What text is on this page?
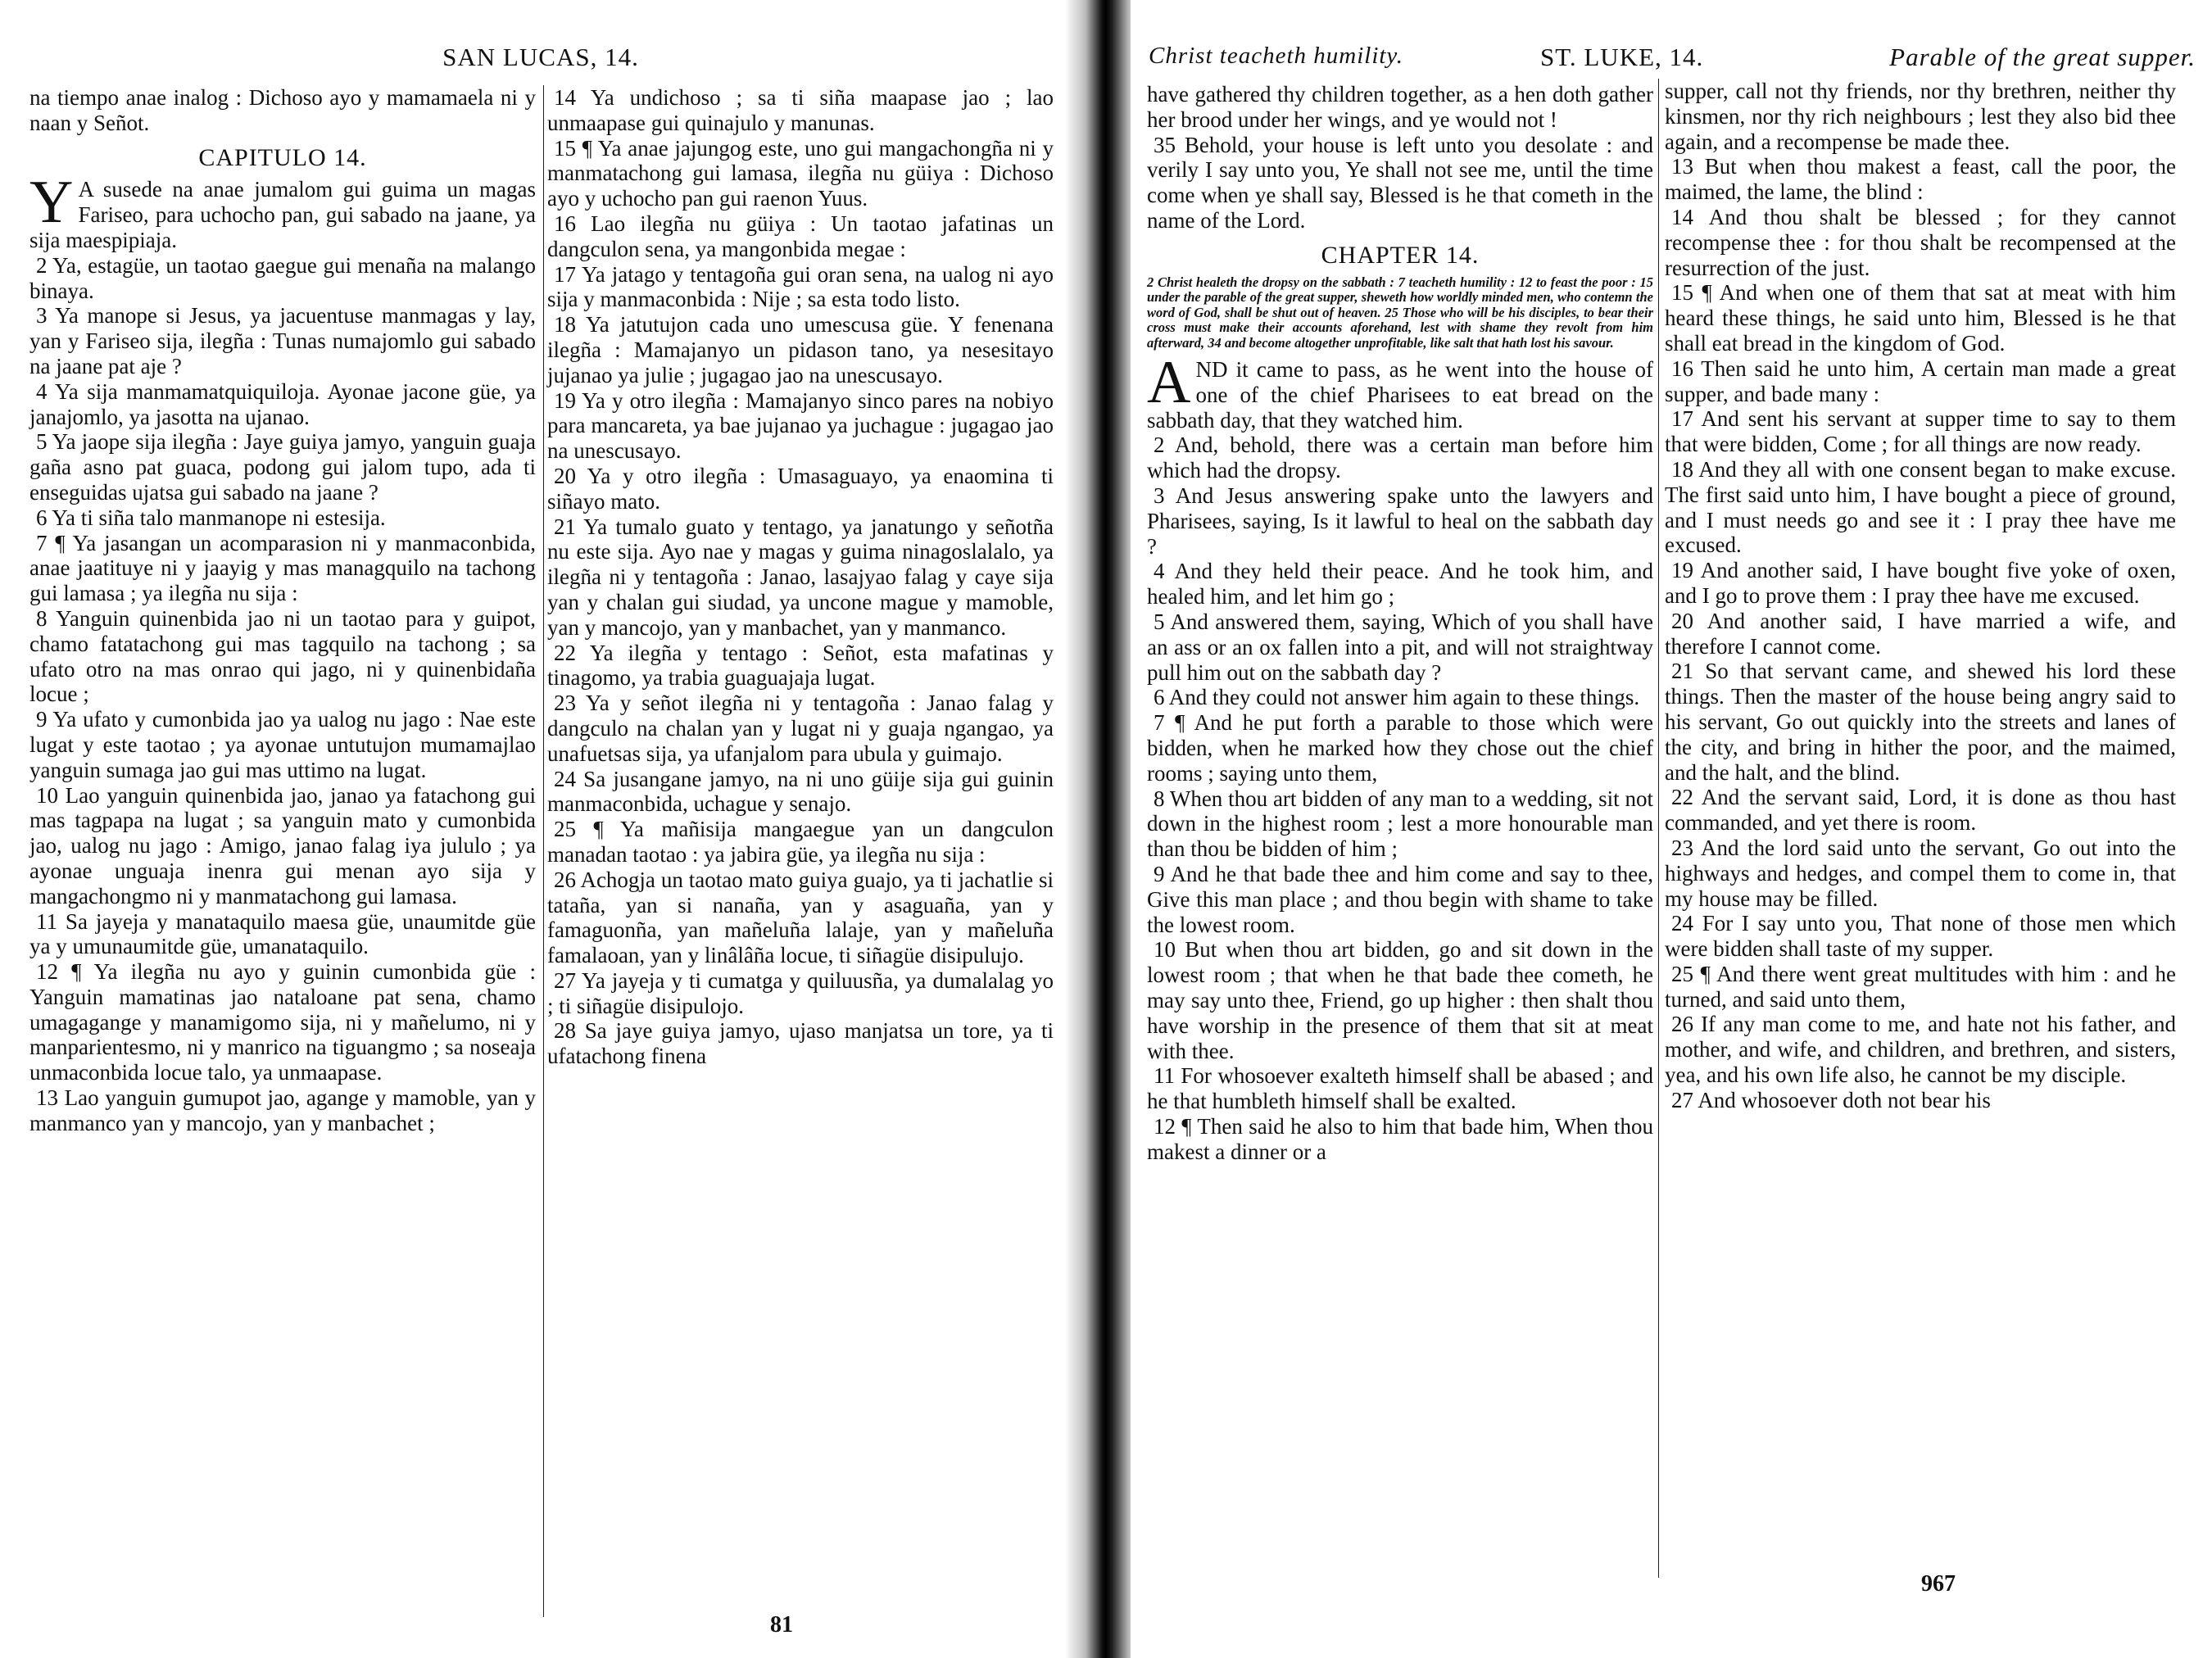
SAN LUCAS, 14.

na tiempo anae inalog : Dichoso ayo y mamamaela ni y naan y Señot.

CAPITULO 14.

Y A susede na anae jumalom gui guima un magas Fariseo, para uchocho pan, gui sabado na jaane, ya sija maespipiaja.

2 Ya, estagüe, un taotao gaegue gui menaña na malango binaya.

3 Ya manope si Jesus, ya jacuentuse manmagas y lay, yan y Fariseo sija, ilegña : Tunas numajomlo gui sabado na jaane pat aje ?

4 Ya sija manmamatquiquiloja. Ayonae jacone güe, ya janajomlo, ya jasotta na ujanao.

5 Ya jaope sija ilegña : Jaye guiya jamyo, yanguin guaja gaña asno pat guaca, podong gui jalom tupo, ada ti enseguidas ujatsa gui sabado na jaane ?

6 Ya ti siña talo manmanope ni estesija.

7 ¶ Ya jasangan un acomparasion ni y manmaconbida, anae jaatituye ni y jaayig y mas managquilo na tachong gui lamasa ; ya ilegña nu sija :

8 Yanguin quinenbida jao ni un taotao para y guipot, chamo fatatachong gui mas tagquilo na tachong ; sa ufato otro na mas onrao qui jago, ni y quinenbidaña locue ;

9 Ya ufato y cumonbida jao ya ualog nu jago : Nae este lugat y este taotao ; ya ayonae untutujon mumamajlao yanguin sumaga jao gui mas uttimo na lugat.

10 Lao yanguin quinenbida jao, janao ya fatachong gui mas tagpapa na lugat ; sa yanguin mato y cumonbida jao, ualog nu jago : Amigo, janao falag iya jululo ; ya ayonae unguaja inenra gui menan ayo sija y mangachongmo ni y manmatachong gui lamasa.

11 Sa jayeja y manataquilo maesa güe, unaumitde güe ya y umunaumitde güe, umanataquilo.

12 ¶ Ya ilegña nu ayo y guinin cumonbida güe : Yanguin mamatinas jao nataloane pat sena, chamo umagagange y manamigomo sija, ni y mañelumo, ni y manparientesmo, ni y manrico na tiguangmo ; sa noseaja unmaconbida locue talo, ya unmaapase.

13 Lao yanguin gumupot jao, agange y mamoble, yan y manmanco yan y mancojo, yan y manbachet ;

14 Ya undichoso ; sa ti siña maapase jao ; lao unmaapase gui quinajulo y manunas.

15 ¶ Ya anae jajungog este, uno gui mangachongña ni y manmatachong gui lamasa, ilegña nu güiya : Dichoso ayo y uchocho pan gui raenon Yuus.

16 Lao ilegña nu güiya : Un taotao jafatinas un dangculon sena, ya mangonbida megae :

17 Ya jatago y tentagoña gui oran sena, na ualog ni ayo sija y manmaconbida : Nije ; sa esta todo listo.

18 Ya jatutujon cada uno umescusa güe. Y fenenana ilegña : Mamajanyo un pidason tano, ya nesesitayo jujanao ya julie ; jugagao jao na unescusayo.

19 Ya y otro ilegña : Mamajanyo sinco pares na nobiyo para mancareta, ya bae jujanao ya juchague : jugagao jao na unescusayo.

20 Ya y otro ilegña : Umasaguayo, ya enaomina ti siñayo mato.

21 Ya tumalo guato y tentago, ya janatungo y señotña nu este sija. Ayo nae y magas y guima ninagoslalalo, ya ilegña ni y tentagoña : Janao, lasajyao falag y caye sija yan y chalan gui siudad, ya uncone mague y mamoble, yan y mancojo, yan y manbachet, yan y manmanco.

22 Ya ilegña y tentago : Señot, esta mafatinas y tinagomo, ya trabia guaguajaja lugat.

23 Ya y señot ilegña ni y tentagoña : Janao falag y dangculo na chalan yan y lugat ni y guaja ngangao, ya unafuetsas sija, ya ufanjalom para ubula y guimajo.

24 Sa jusangane jamyo, na ni uno güije sija gui guinin manmaconbida, uchague y senajo.

25 ¶ Ya mañisija mangaegue yan un dangculon manadan taotao : ya jabira güe, ya ilegña nu sija :

26 Achogja un taotao mato guiya guajo, ya ti jachatlie si tataña, yan si nanaña, yan y asaguaña, yan y famaguonña, yan mañeluña lalaje, yan y mañeluña famalaoan, yan y linâlâña locue, ti siñagüe disipulujo.

27 Ya jayeja y ti cumatga y quiluusña, ya dumalalag yo ; ti siñagüe disipulojo.

28 Sa jaye guiya jamyo, ujaso manjatsa un tore, ya ti ufatachong finena

81
Christ teacheth humility.	ST. LUKE, 14.	Parable of the great supper.

have gathered thy children together, as a hen doth gather her brood under her wings, and ye would not !

35 Behold, your house is left unto you desolate : and verily I say unto you, Ye shall not see me, until the time come when ye shall say, Blessed is he that cometh in the name of the Lord.

CHAPTER 14.

2 Christ healeth the dropsy on the sabbath : 7 teacheth humility : 12 to feast the poor : 15 under the parable of the great supper, sheweth how worldly minded men, who contemn the word of God, shall be shut out of heaven. 25 Those who will be his disciples, to bear their cross must make their accounts aforehand, lest with shame they revolt from him afterward, 34 and become altogether unprofitable, like salt that hath lost his savour.

AND it came to pass, as he went into the house of one of the chief Pharisees to eat bread on the sabbath day, that they watched him.

2 And, behold, there was a certain man before him which had the dropsy.

3 And Jesus answering spake unto the lawyers and Pharisees, saying, Is it lawful to heal on the sabbath day ?

4 And they held their peace. And he took him, and healed him, and let him go ;

5 And answered them, saying, Which of you shall have an ass or an ox fallen into a pit, and will not straightway pull him out on the sabbath day ?

6 And they could not answer him again to these things.

7 ¶ And he put forth a parable to those which were bidden, when he marked how they chose out the chief rooms ; saying unto them,

8 When thou art bidden of any man to a wedding, sit not down in the highest room ; lest a more honourable man than thou be bidden of him ;

9 And he that bade thee and him come and say to thee, Give this man place ; and thou begin with shame to take the lowest room.

10 But when thou art bidden, go and sit down in the lowest room ; that when he that bade thee cometh, he may say unto thee, Friend, go up higher : then shalt thou have worship in the presence of them that sit at meat with thee.

11 For whosoever exalteth himself shall be abased ; and he that humbleth himself shall be exalted.

12 ¶ Then said he also to him that bade him, When thou makest a dinner or a

supper, call not thy friends, nor thy brethren, neither thy kinsmen, nor thy rich neighbours ; lest they also bid thee again, and a recompense be made thee.

13 But when thou makest a feast, call the poor, the maimed, the lame, the blind :

14 And thou shalt be blessed ; for they cannot recompense thee : for thou shalt be recompensed at the resurrection of the just.

15 ¶ And when one of them that sat at meat with him heard these things, he said unto him, Blessed is he that shall eat bread in the kingdom of God.

16 Then said he unto him, A certain man made a great supper, and bade many :

17 And sent his servant at supper time to say to them that were bidden, Come ; for all things are now ready.

18 And they all with one consent began to make excuse. The first said unto him, I have bought a piece of ground, and I must needs go and see it : I pray thee have me excused.

19 And another said, I have bought five yoke of oxen, and I go to prove them : I pray thee have me excused.

20 And another said, I have married a wife, and therefore I cannot come.

21 So that servant came, and shewed his lord these things. Then the master of the house being angry said to his servant, Go out quickly into the streets and lanes of the city, and bring in hither the poor, and the maimed, and the halt, and the blind.

22 And the servant said, Lord, it is done as thou hast commanded, and yet there is room.

23 And the lord said unto the servant, Go out into the highways and hedges, and compel them to come in, that my house may be filled.

24 For I say unto you, That none of those men which were bidden shall taste of my supper.

25 ¶ And there went great multitudes with him : and he turned, and said unto them,

26 If any man come to me, and hate not his father, and mother, and wife, and children, and brethren, and sisters, yea, and his own life also, he cannot be my disciple.

27 And whosoever doth not bear his

967
